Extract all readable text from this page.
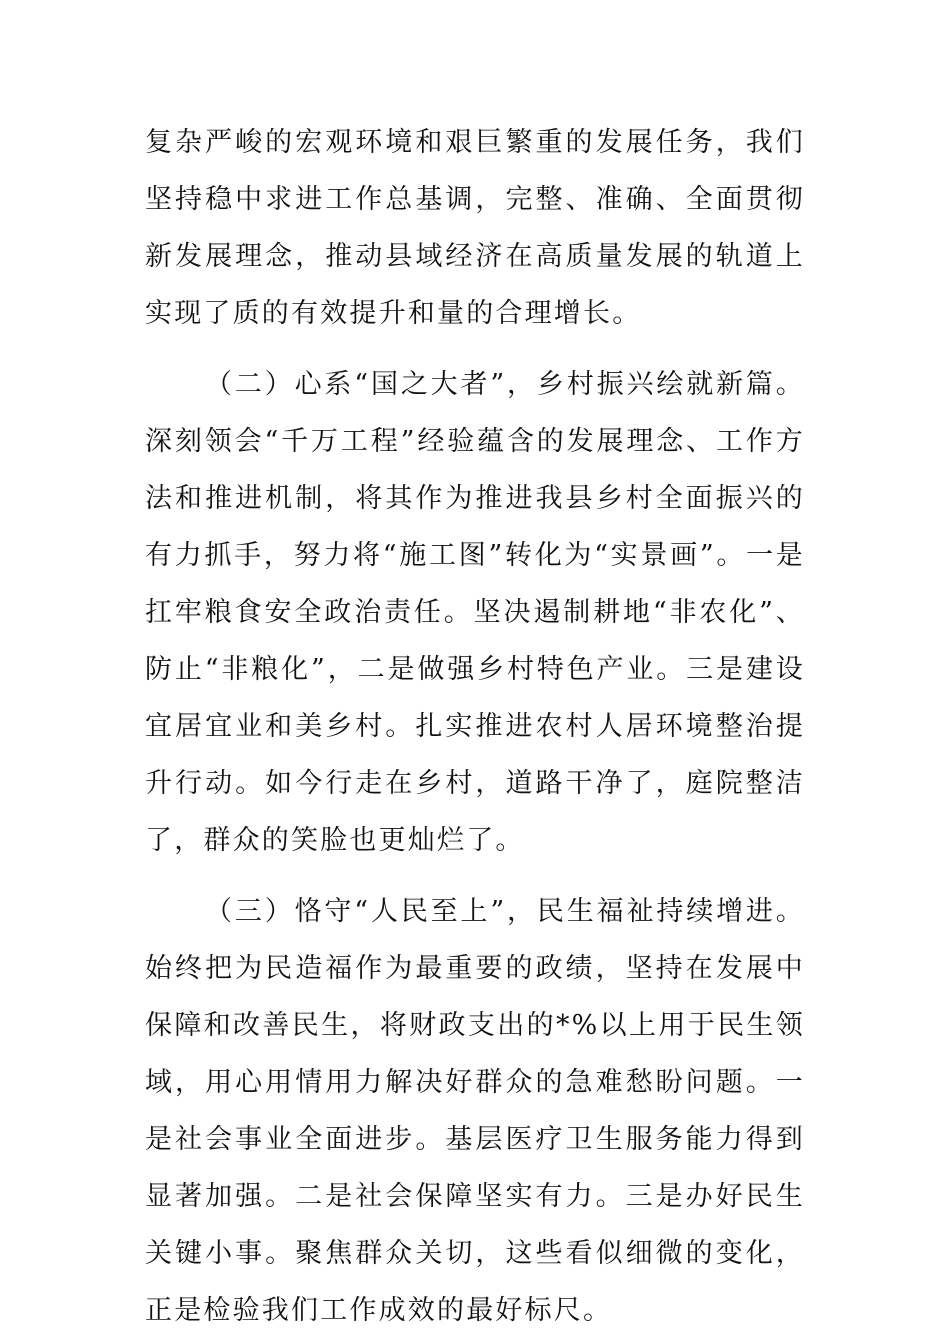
复杂严峻的宏观环境和艰巨繁重的发展任务，我们坚持稳中求进工作总基调，完整、准确、全面贯彻新发展理念，推动县域经济在高质量发展的轨道上实现了质的有效提升和量的合理增长。

（二）心系“国之大者”，乡村振兴绘就新篇。深刻领会“千万工程”经验蕴含的发展理念、工作方法和推进机制，将其作为推进我县乡村全面振兴的有力抓手，努力将“施工图”转化为“实景画”。一是扛牢粮食安全政治责任。坚决遏制耕地“非农化”、防止“非粮化”，二是做强乡村特色产业。三是建设宜居宜业和美乡村。扎实推进农村人居环境整治提升行动。如今行走在乡村，道路干净了，庭院整洁了，群众的笑脸也更灿烂了。

（三）恪守“人民至上”，民生福祉持续增进。始终把为民造福作为最重要的政绩，坚持在发展中保障和改善民生，将财政支出的*%以上用于民生领域，用心用情用力解决好群众的急难愁盼问题。一是社会事业全面进步。基层医疗卫生服务能力得到显著加强。二是社会保障坚实有力。三是办好民生关键小事。聚焦群众关切，这些看似细微的变化，正是检验我们工作成效的最好标尺。
